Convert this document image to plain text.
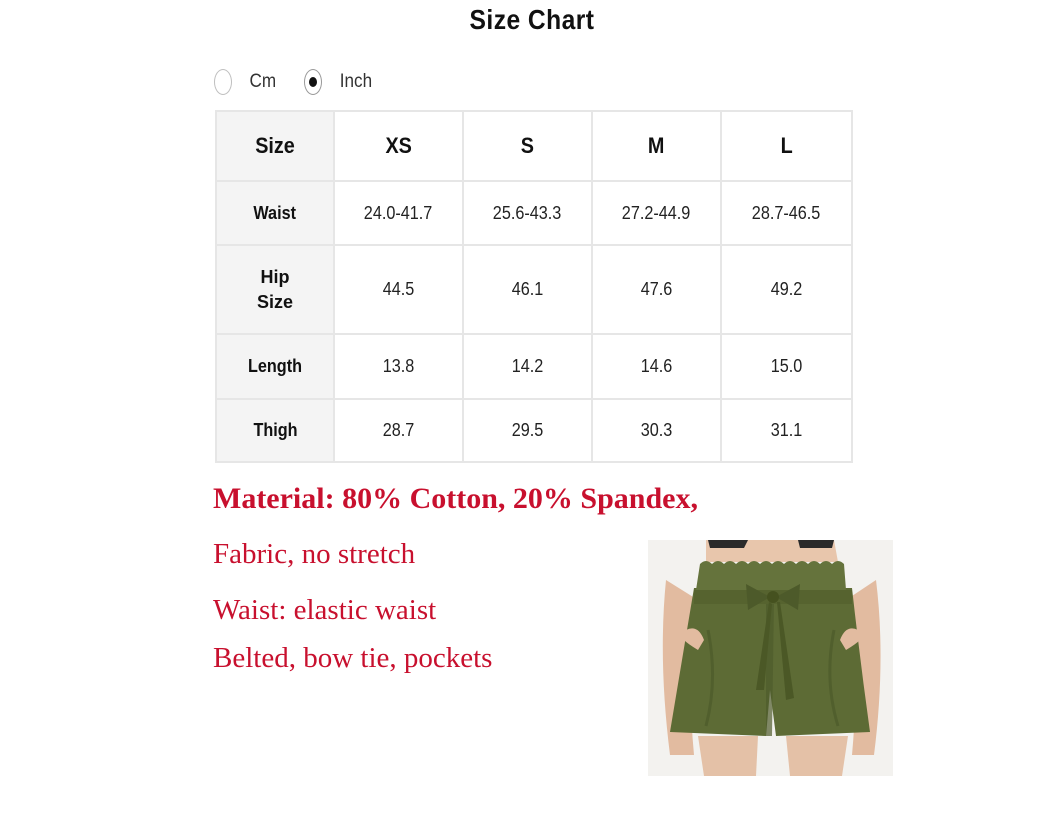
Size Chart
Cm	Inch
Size	XS	S	M	L
Waist	24.0-41.7	25.6-43.3	27.2-44.9	28.7-46.5

Hip
Size	44.5	46.1	47.6	49.2
Length	13.8	14.2	14.6	15.0
Thigh	28.7	29.5	30.3	31.1
Material: 80% Cotton, 20% Spandex,
Fabric, no stretch
Waist: elastic waist
Belted, bow tie, pockets
